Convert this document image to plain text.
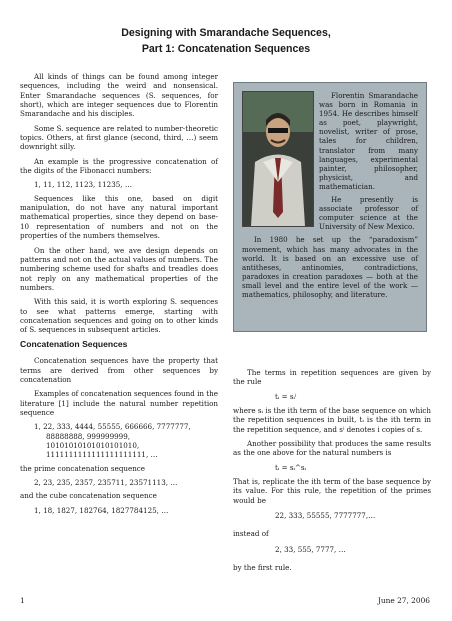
Designing with Smarandache Sequences,
Part 1: Concatenation Sequences

All kinds of things can be found among integer sequences, including the weird and nonsensical. Enter Smarandache sequences (S. sequences, for short), which are integer sequences due to Florentin Smarandache and his disciples.

Some S. sequence are related to number-theoretic topics. Others, at first glance (second, third, …) seem downright silly.

An example is the progressive concatenation of the digits of the Fibonacci numbers:

1, 11, 112, 1123, 11235, …

Sequences like this one, based on digit manipulation, do not have any natural important mathematical properties, since they depend on base-10 representation of numbers and not on the properties of the numbers themselves.

On the other hand, we ave design depends on patterns and not on the actual values of numbers. The numbering scheme used for shafts and treadles does not reply on any mathematical properties of the numbers.

With this said, it is worth exploring S. sequences to see what patterns emerge, starting with concatenation sequences and going on to other kinds of S. sequences in subsequent articles.

Concatenation Sequences

Concatenation sequences have the property that terms are derived from other sequences by concatenation

Examples of concatenation sequences found in the literature [1] include the natural number repetition sequence

1, 22, 333, 4444, 55555, 666666, 7777777,
88888888, 999999999,
10101010101010101010,
1111111111111111111111, …

the prime concatenation sequence

2, 23, 235, 2357, 235711, 23571113, …

and the cube concatenation sequence

1, 18, 1827, 182764, 1827784125, …

Florentin Smarandache was born in Romania in 1954. He describes himself as poet, playwright, novelist, writer of prose, tales for children, translator from many languages, experimental painter, philosopher, physicist, and mathematician.

He presently is associate professor of computer science at the University of New Mexico.

In 1980 he set up the “paradoxism” movement, which has many advocates in the world. It is based on an excessive use of antitheses, antinomies, contradictions, paradoxes in creation paradoxes — both at the small level and the entire level of the work — mathematics, philosophy, and literature.

The terms in repetition sequences are given by the rule

tᵢ = sᵢⁱ

where sᵢ is the ith term of the base sequence on which the repetition sequences in built, tᵢ is the ith term in the repetition sequence, and sⁱ denotes i copies of s.

Another possibility that produces the same results as the one above for the natural numbers is

tᵢ = sᵢ^sᵢ

That is, replicate the ith term of the base sequence by its value. For this rule, the repetition of the primes would be

22, 333, 55555, 7777777,…

instead of

2, 33, 555, 7777, …

by the first rule.

1	June 27, 2006
